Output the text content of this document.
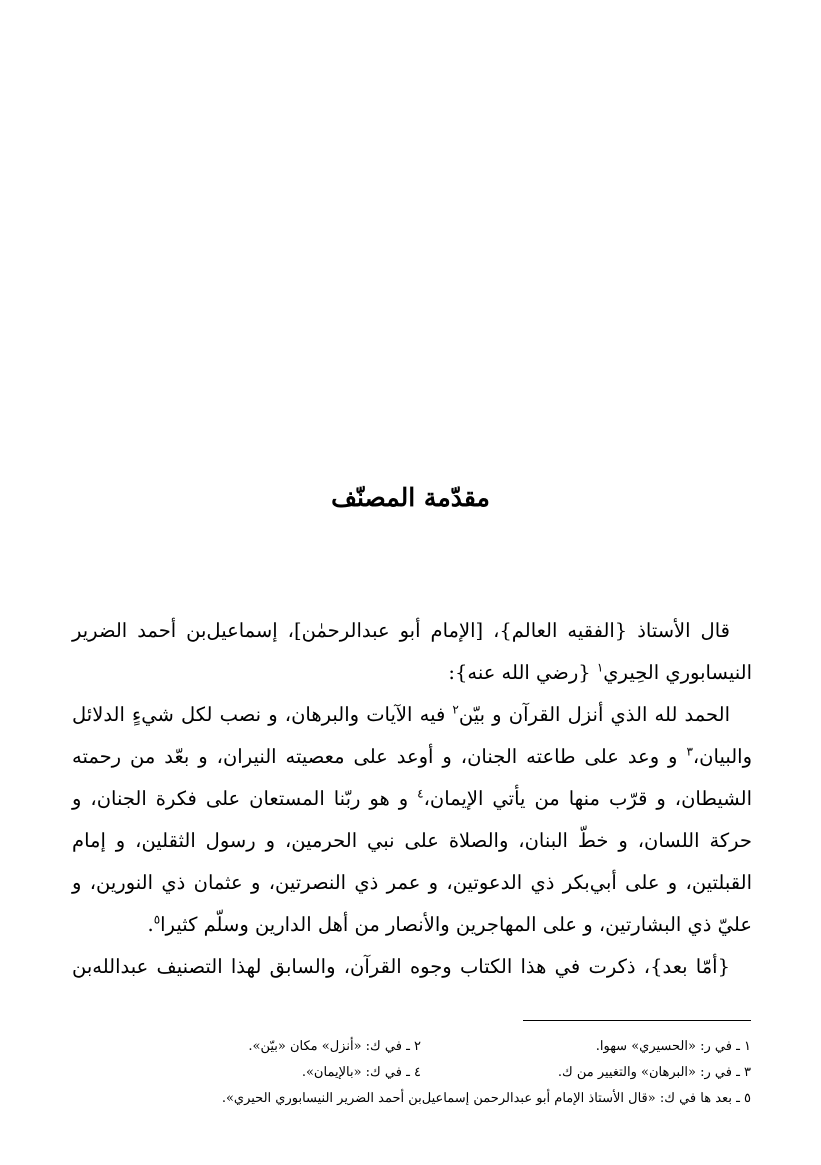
مقدّمة المصنّف

قال الأستاذ {الفقيه العالم}، [الإمام أبو عبدالرحمٰن]، إسماعيل‌بن أحمد الضرير

النيسابوري الحِيري$^١$ {رضي الله عنه}:

الحمد لله الذي أنزل القرآن و بيّن$^٢$ فيه الآيات والبرهان، و نصب لكل شيءٍ الدلائل والبيان،$^٣$ و وعد على طاعته الجنان، و أوعد على معصيته النيران، و بعّد من رحمته الشيطان، و قرّب منها من يأتي الإيمان،$^٤$ و هو ربّنا المستعان على فكرة الجنان، و حركة اللسان، و خطّ البنان، والصلاة على نبي الحرمين، و رسول الثقلين، و إمام القبلتين، و على أبي‌بكر ذي الدعوتين، و عمر ذي النصرتين، و عثمان ذي النورين، و عليّ ذي البشارتين، و على المهاجرين والأنصار من أهل الدارين وسلّم كثيرا$^٥$.

{أمّا بعد}، ذكرت في هذا الكتاب وجوه القرآن، والسابق لهذا التصنيف عبدالله‌بن

١ ـ في ر: «الحسيري» سهوا.
٢ ـ في ك: «أنزل» مكان «بيّن».
٣ ـ في ر: «البرهان» والتغيير من ك.
٤ ـ في ك: «بالإيمان».
٥ ـ بعد ها في ك: «قال الأستاذ الإمام أبو عبدالرحمن إسماعيل‌بن أحمد الضرير النيسابوري الحيري».
